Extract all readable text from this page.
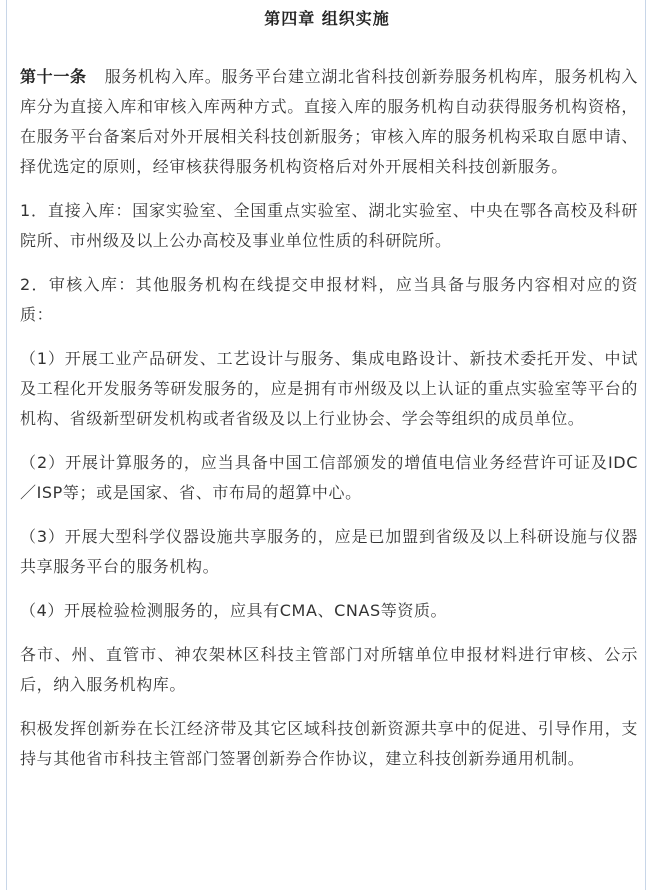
第四章 组织实施

第十一条 服务机构入库。服务平台建立湖北省科技创新券服务机构库，服务机构入库分为直接入库和审核入库两种方式。直接入库的服务机构自动获得服务机构资格，在服务平台备案后对外开展相关科技创新服务；审核入库的服务机构采取自愿申请、择优选定的原则，经审核获得服务机构资格后对外开展相关科技创新服务。

1．直接入库：国家实验室、全国重点实验室、湖北实验室、中央在鄂各高校及科研院所、市州级及以上公办高校及事业单位性质的科研院所。

2．审核入库：其他服务机构在线提交申报材料，应当具备与服务内容相对应的资质：

（1）开展工业产品研发、工艺设计与服务、集成电路设计、新技术委托开发、中试及工程化开发服务等研发服务的，应是拥有市州级及以上认证的重点实验室等平台的机构、省级新型研发机构或者省级及以上行业协会、学会等组织的成员单位。

（2）开展计算服务的，应当具备中国工信部颁发的增值电信业务经营许可证及IDC／ISP等；或是国家、省、市布局的超算中心。

（3）开展大型科学仪器设施共享服务的，应是已加盟到省级及以上科研设施与仪器共享服务平台的服务机构。

（4）开展检验检测服务的，应具有CMA、CNAS等资质。

各市、州、直管市、神农架林区科技主管部门对所辖单位申报材料进行审核、公示后，纳入服务机构库。

积极发挥创新券在长江经济带及其它区域科技创新资源共享中的促进、引导作用，支持与其他省市科技主管部门签署创新券合作协议，建立科技创新券通用机制。
